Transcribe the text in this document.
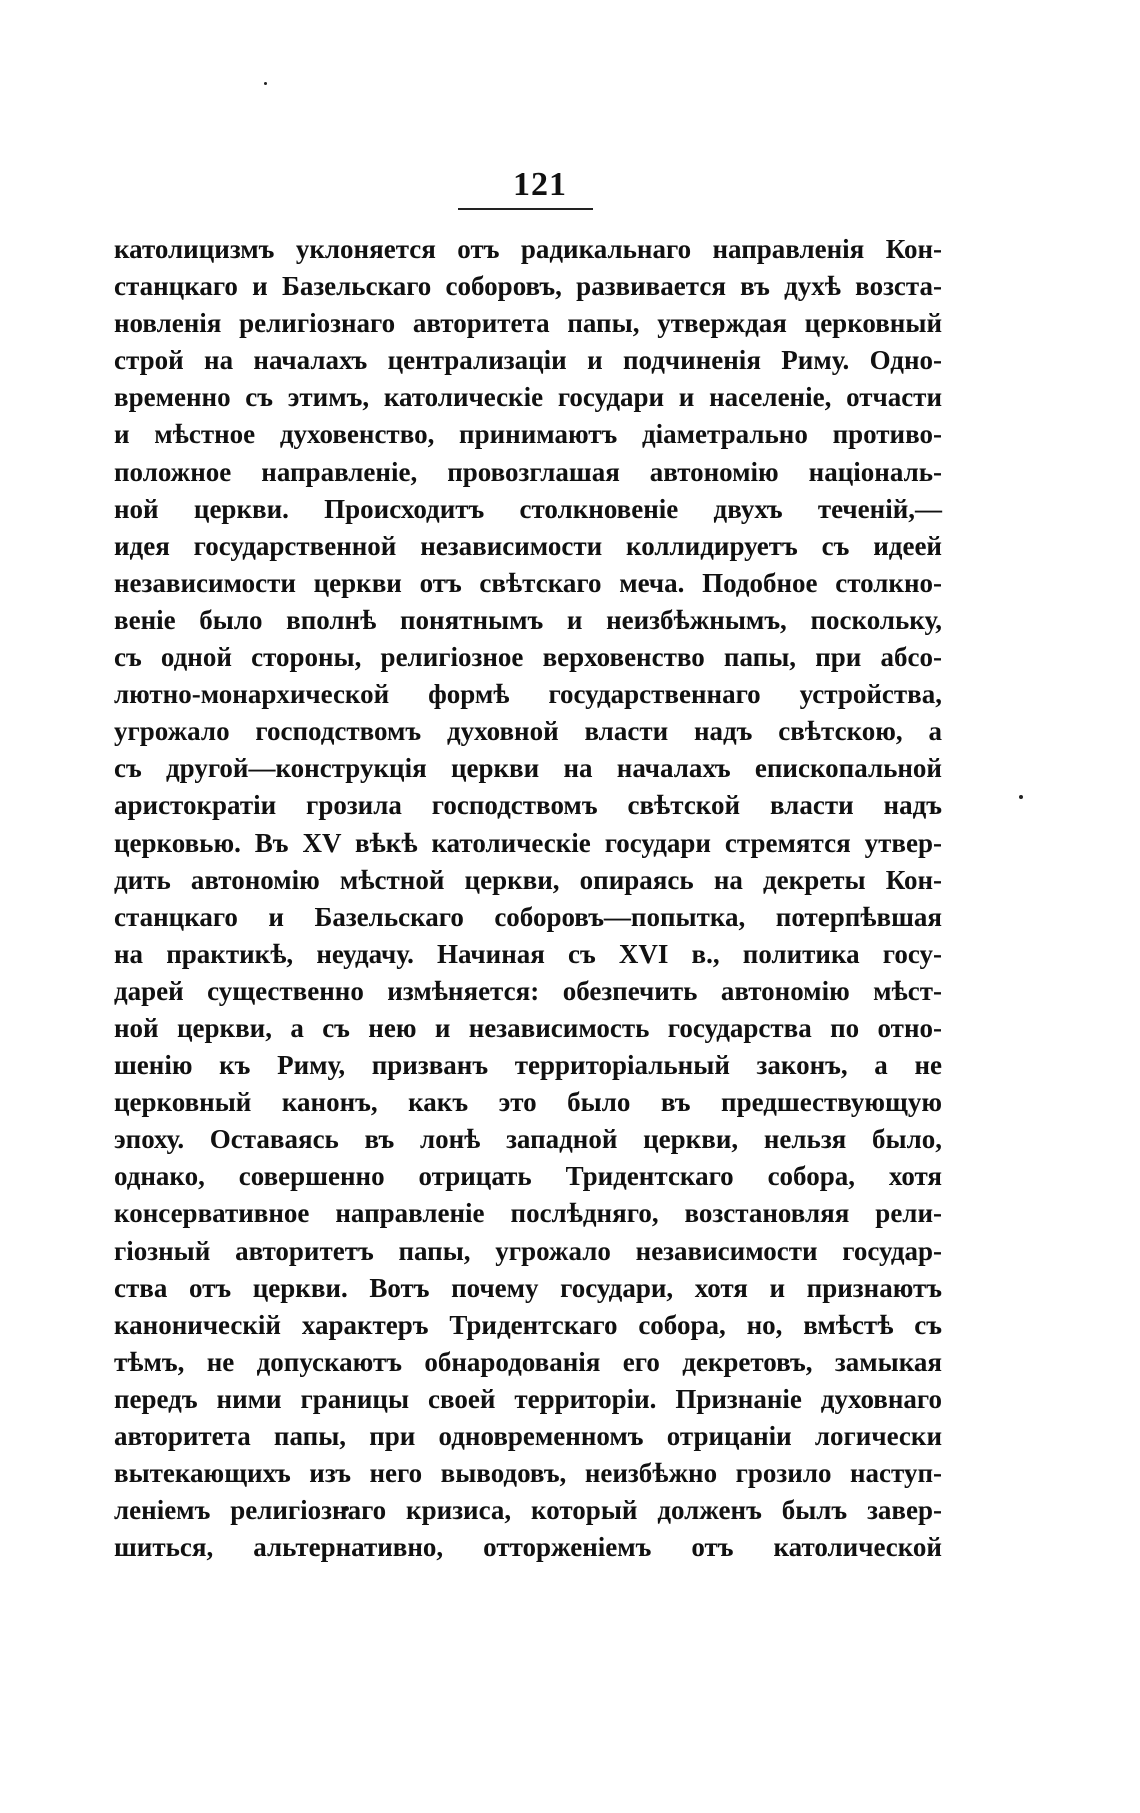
121
католицизмъ уклоняется отъ радикальнаго направленія Кон-
станцкаго и Базельскаго соборовъ, развивается въ духѣ возста-
новленія религіознаго авторитета папы, утверждая церковный
строй на началахъ централизаціи и подчиненія Риму. Одно-
временно съ этимъ, католическіе государи и населеніе, отчасти
и мѣстное духовенство, принимаютъ діаметрально противо-
положное направленіе, провозглашая автономію національ-
ной церкви. Происходитъ столкновеніе двухъ теченій,—
идея государственной независимости коллидируетъ съ идеей
независимости церкви отъ свѣтскаго меча. Подобное столкно-
веніе было вполнѣ понятнымъ и неизбѣжнымъ, поскольку,
съ одной стороны, религіозное верховенство папы, при абсо-
лютно-монархической формѣ государственнаго устройства,
угрожало господствомъ духовной власти надъ свѣтскою, а
съ другой—конструкція церкви на началахъ епископальной
аристократіи грозила господствомъ свѣтской власти надъ
церковью. Въ XV вѣкѣ католическіе государи стремятся утвер-
дить автономію мѣстной церкви, опираясь на декреты Кон-
станцкаго и Базельскаго соборовъ—попытка, потерпѣвшая
на практикѣ, неудачу. Начиная съ XVI в., политика госу-
дарей существенно измѣняется: обезпечить автономію мѣст-
ной церкви, а съ нею и независимость государства по отно-
шенію къ Риму, призванъ территоріальный законъ, а не
церковный канонъ, какъ это было въ предшествующую
эпоху. Оставаясь въ лонѣ западной церкви, нельзя было,
однако, совершенно отрицать Тридентскаго собора, хотя
консервативное направленіе послѣдняго, возстановляя рели-
гіозный авторитетъ папы, угрожало независимости государ-
ства отъ церкви. Вотъ почему государи, хотя и признаютъ
каноническій характеръ Тридентскаго собора, но, вмѣстѣ съ
тѣмъ, не допускаютъ обнародованія его декретовъ, замыкая
передъ ними границы своей территоріи. Признаніе духовнаго
авторитета папы, при одновременномъ отрицаніи логически
вытекающихъ изъ него выводовъ, неизбѣжно грозило наступ-
леніемъ религіознаго кризиса, который долженъ былъ завер-
шиться, альтернативно, отторженіемъ отъ католической
